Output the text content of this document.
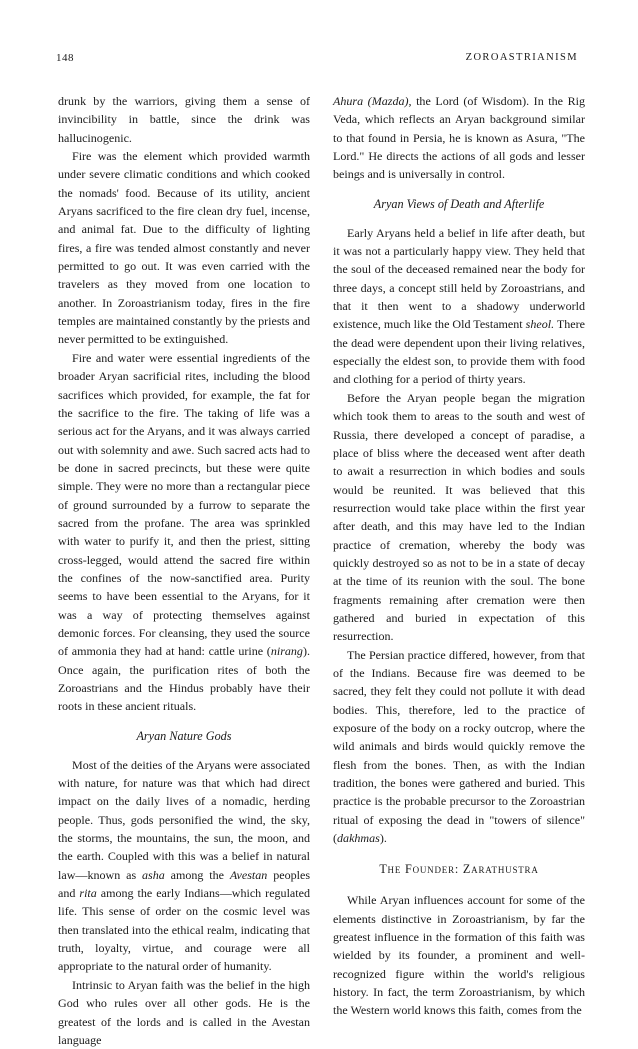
148	ZOROASTRIANISM

drunk by the warriors, giving them a sense of invincibility in battle, since the drink was hallucinogenic.

Fire was the element which provided warmth under severe climatic conditions and which cooked the nomads' food. Because of its utility, ancient Aryans sacrificed to the fire clean dry fuel, incense, and animal fat. Due to the difficulty of lighting fires, a fire was tended almost constantly and never permitted to go out. It was even carried with the travelers as they moved from one location to another. In Zoroastrianism today, fires in the fire temples are maintained constantly by the priests and never permitted to be extinguished.

Fire and water were essential ingredients of the broader Aryan sacrificial rites, including the blood sacrifices which provided, for example, the fat for the sacrifice to the fire. The taking of life was a serious act for the Aryans, and it was always carried out with solemnity and awe. Such sacred acts had to be done in sacred precincts, but these were quite simple. They were no more than a rectangular piece of ground surrounded by a furrow to separate the sacred from the profane. The area was sprinkled with water to purify it, and then the priest, sitting cross-legged, would attend the sacred fire within the confines of the now-sanctified area. Purity seems to have been essential to the Aryans, for it was a way of protecting themselves against demonic forces. For cleansing, they used the source of ammonia they had at hand: cattle urine (nirang). Once again, the purification rites of both the Zoroastrians and the Hindus probably have their roots in these ancient rituals.

Aryan Nature Gods

Most of the deities of the Aryans were associated with nature, for nature was that which had direct impact on the daily lives of a nomadic, herding people. Thus, gods personified the wind, the sky, the storms, the mountains, the sun, the moon, and the earth. Coupled with this was a belief in natural law—known as asha among the Avestan peoples and rita among the early Indians—which regulated life. This sense of order on the cosmic level was then translated into the ethical realm, indicating that truth, loyalty, virtue, and courage were all appropriate to the natural order of humanity.

Intrinsic to Aryan faith was the belief in the high God who rules over all other gods. He is the greatest of the lords and is called in the Avestan language

Ahura (Mazda), the Lord (of Wisdom). In the Rig Veda, which reflects an Aryan background similar to that found in Persia, he is known as Asura, "The Lord." He directs the actions of all gods and lesser beings and is universally in control.

Aryan Views of Death and Afterlife

Early Aryans held a belief in life after death, but it was not a particularly happy view. They held that the soul of the deceased remained near the body for three days, a concept still held by Zoroastrians, and that it then went to a shadowy underworld existence, much like the Old Testament sheol. There the dead were dependent upon their living relatives, especially the eldest son, to provide them with food and clothing for a period of thirty years.

Before the Aryan people began the migration which took them to areas to the south and west of Russia, there developed a concept of paradise, a place of bliss where the deceased went after death to await a resurrection in which bodies and souls would be reunited. It was believed that this resurrection would take place within the first year after death, and this may have led to the Indian practice of cremation, whereby the body was quickly destroyed so as not to be in a state of decay at the time of its reunion with the soul. The bone fragments remaining after cremation were then gathered and buried in expectation of this resurrection.

The Persian practice differed, however, from that of the Indians. Because fire was deemed to be sacred, they felt they could not pollute it with dead bodies. This, therefore, led to the practice of exposure of the body on a rocky outcrop, where the wild animals and birds would quickly remove the flesh from the bones. Then, as with the Indian tradition, the bones were gathered and buried. This practice is the probable precursor to the Zoroastrian ritual of exposing the dead in "towers of silence" (dakhmas).

The Founder: Zarathustra

While Aryan influences account for some of the elements distinctive in Zoroastrianism, by far the greatest influence in the formation of this faith was wielded by its founder, a prominent and well-recognized figure within the world's religious history. In fact, the term Zoroastrianism, by which the Western world knows this faith, comes from the
